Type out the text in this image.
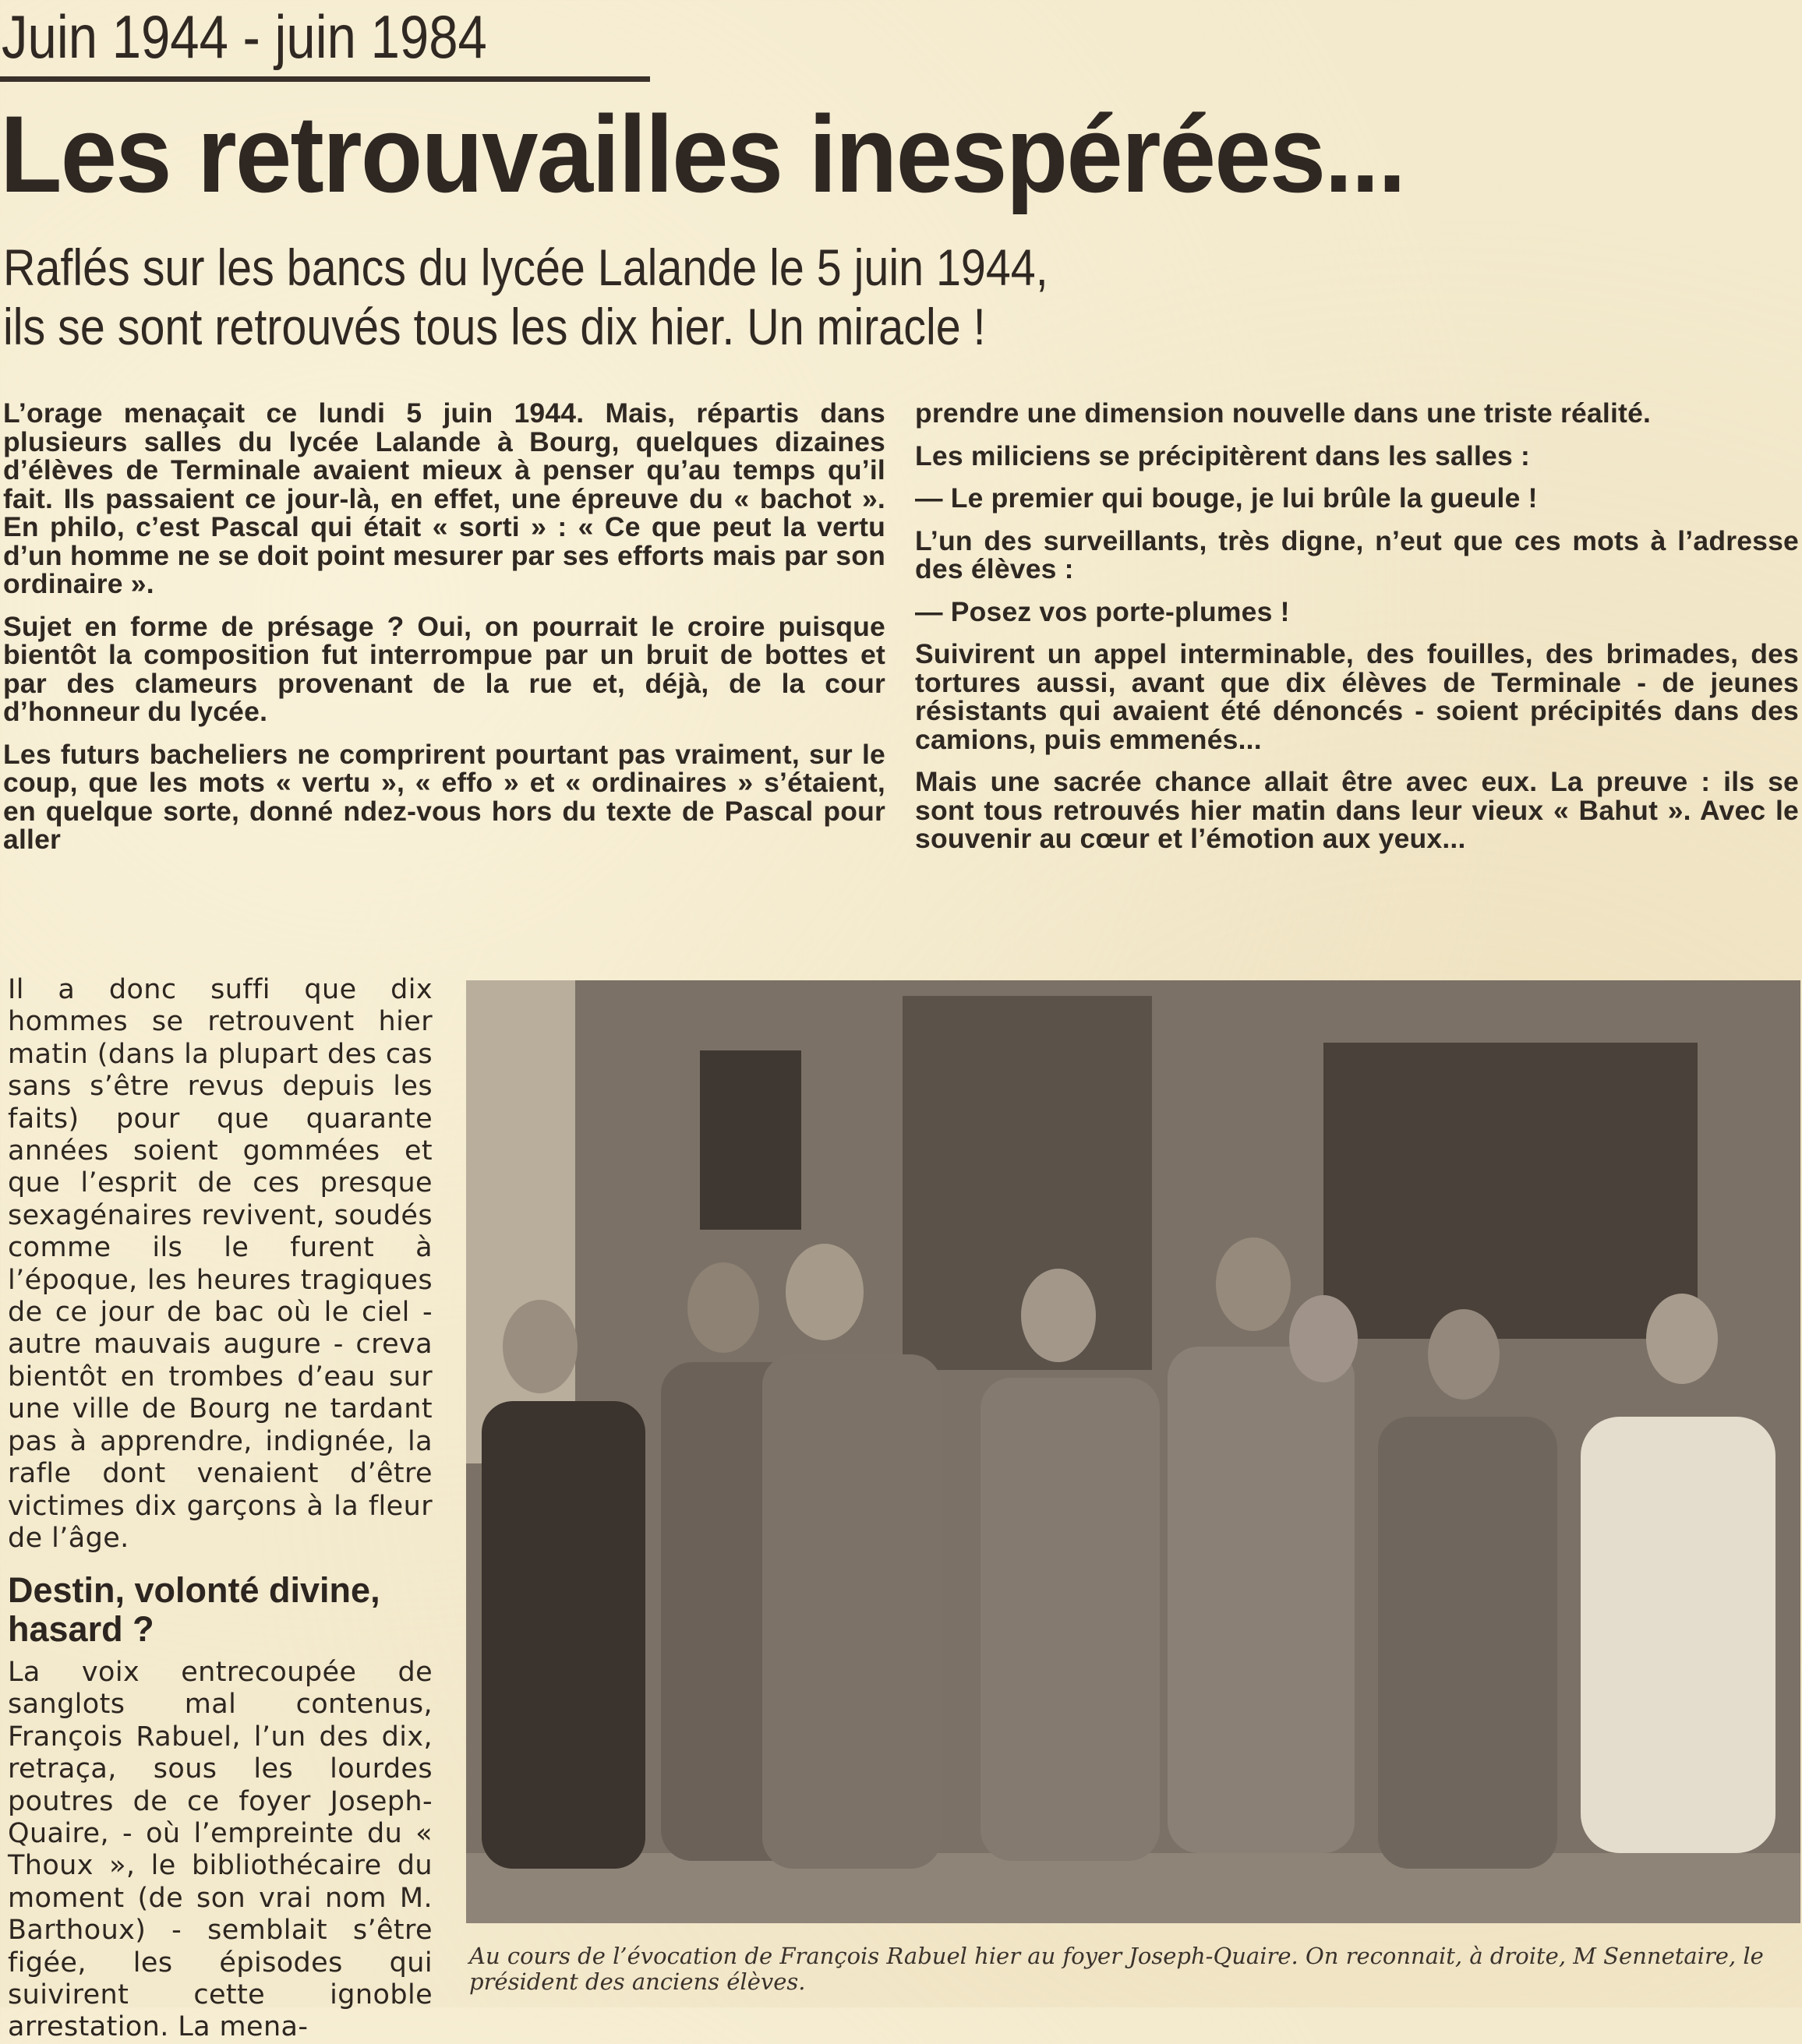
Juin 1944 - juin 1984
Les retrouvailles inespérées...
Raflés sur les bancs du lycée Lalande le 5 juin 1944,
ils se sont retrouvés tous les dix hier. Un miracle !

L’orage menaçait ce lundi 5 juin 1944. Mais, répartis dans plusieurs salles du lycée Lalande à Bourg, quelques dizaines d’élèves de Terminale avaient mieux à penser qu’au temps qu’il fait. Ils passaient ce jour-là, en effet, une épreuve du « bachot ». En philo, c’est Pascal qui était « sorti » : « Ce que peut la vertu d’un homme ne se doit point mesurer par ses efforts mais par son ordinaire ».

Sujet en forme de présage ? Oui, on pourrait le croire puisque bientôt la composition fut interrompue par un bruit de bottes et par des clameurs provenant de la rue et, déjà, de la cour d’honneur du lycée.

Les futurs bacheliers ne comprirent pourtant pas vraiment, sur le coup, que les mots « vertu », « effo » et « ordinaires » s’étaient, en quelque sorte, donné ndez-vous hors du texte de Pascal pour aller

prendre une dimension nouvelle dans une triste réalité.

Les miliciens se précipitèrent dans les salles :

— Le premier qui bouge, je lui brûle la gueule !

L’un des surveillants, très digne, n’eut que ces mots à l’adresse des élèves :

— Posez vos porte-plumes !

Suivirent un appel interminable, des fouilles, des brimades, des tortures aussi, avant que dix élèves de Terminale - de jeunes résistants qui avaient été dénoncés - soient précipités dans des camions, puis emmenés...

Mais une sacrée chance allait être avec eux. La preuve : ils se sont tous retrouvés hier matin dans leur vieux « Bahut ». Avec le souvenir au cœur et l’émotion aux yeux...

Il a donc suffi que dix hommes se retrouvent hier matin (dans la plupart des cas sans s’être revus depuis les faits) pour que quarante années soient gommées et que l’esprit de ces presque sexagénaires revivent, soudés comme ils le furent à l’époque, les heures tragiques de ce jour de bac où le ciel - autre mauvais augure - creva bientôt en trombes d’eau sur une ville de Bourg ne tardant pas à apprendre, indignée, la rafle dont venaient d’être victimes dix garçons à la fleur de l’âge.

Destin, volonté divine, hasard ?

La voix entrecoupée de sanglots mal contenus, François Rabuel, l’un des dix, retraça, sous les lourdes poutres de ce foyer Joseph-Quaire, - où l’empreinte du « Thoux », le bibliothécaire du moment (de son vrai nom M. Barthoux) - semblait s’être figée, les épisodes qui suivirent cette ignoble arrestation. La mena-

Au cours de l’évocation de François Rabuel hier au foyer Joseph-Quaire. On reconnait, à droite, M Sennetaire, le président des anciens élèves.
